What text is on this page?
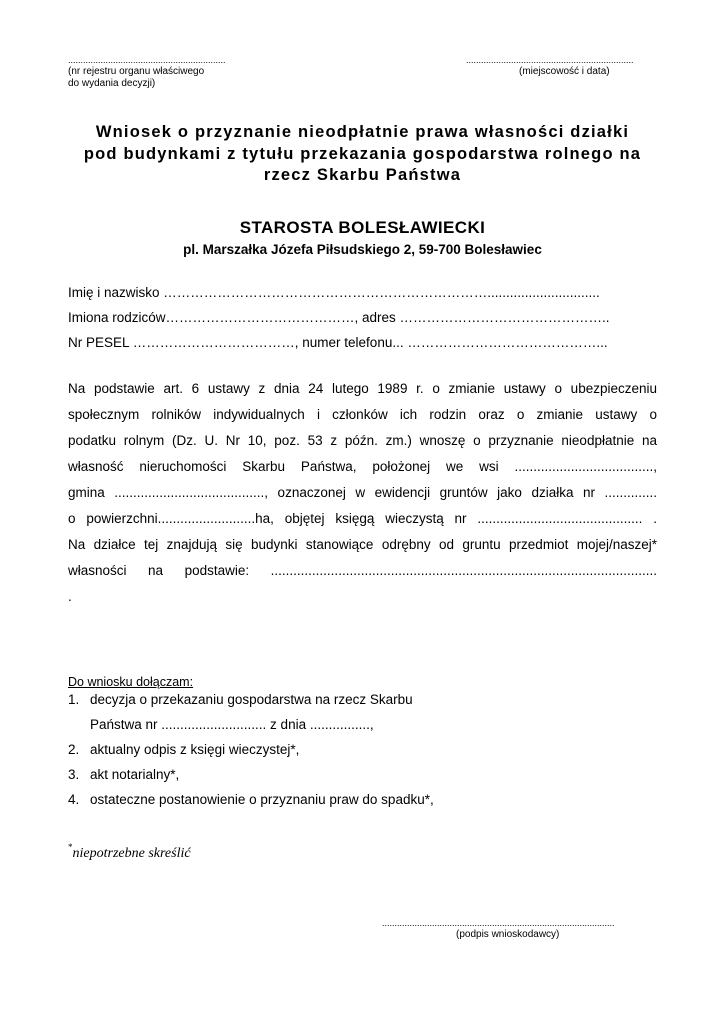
...............................................................
(nr rejestru organu właściwego
do wydania decyzji)
...................................................................
(miejscowość i data)
Wniosek o przyznanie nieodpłatnie prawa własności działki
pod budynkami z tytułu przekazania gospodarstwa rolnego na
rzecz Skarbu Państwa
STAROSTA BOLESŁAWIECKI
pl. Marszałka Józefa Piłsudskiego 2, 59-700 Bolesławiec
Imię i nazwisko ………………………………………………………………..............................
Imiona rodziców……………………………………, adres ………………………………………..
Nr PESEL ………………………………, numer telefonu... ……………………………………...
Na podstawie art. 6 ustawy z dnia 24 lutego 1989 r. o zmianie ustawy o ubezpieczeniu
społecznym rolników indywidualnych i członków ich rodzin oraz o zmianie ustawy o
podatku rolnym (Dz. U. Nr 10, poz. 53 z późn. zm.) wnoszę o przyznanie nieodpłatnie na
własność nieruchomości Skarbu Państwa, położonej we wsi .....................................,
gmina ........................................, oznaczonej w ewidencji gruntów jako działka nr ..............
o powierzchni..........................ha, objętej księgą wieczystą nr ............................................ .
Na działce tej znajdują się budynki stanowiące odrębny od gruntu przedmiot mojej/naszej*
własności na podstawie: .......................................................................................................
.
Do wniosku dołączam:
1. decyzja o przekazaniu gospodarstwa na rzecz Skarbu
Państwa nr ............................ z dnia ................,
2. aktualny odpis z księgi wieczystej*,
3. akt notarialny*,
4. ostateczne postanowienie o przyznaniu praw do spadku*,
*niepotrzebne skreślić
.............................................................................................
(podpis wnioskodawcy)
